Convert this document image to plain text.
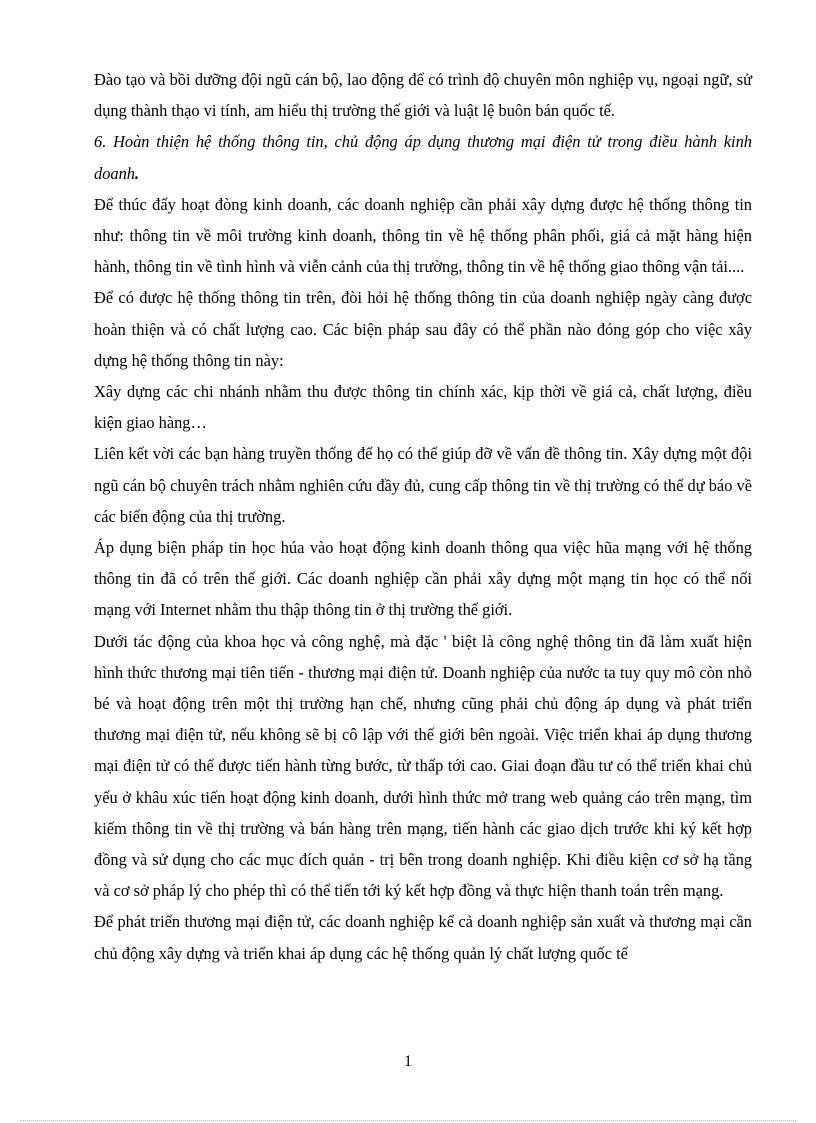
Đào tạo và bồi dưỡng đội ngũ cán bộ, lao động để có trình độ chuyên môn nghiệp vụ, ngoại ngữ, sử dụng thành thạo vi tính, am hiểu thị trường thế giới và luật lệ buôn bán quốc tế.

6. Hoàn thiện hệ thống thông tin, chủ động áp dụng thương mại điện tử trong điều hành kinh doanh.

Để thúc đẩy hoạt đòng kinh doanh, các doanh nghiệp cần phải xây dựng được hệ thống thông tin như: thông tin về môi trường kinh doanh, thông tin về hệ thống phân phối, giá cả mặt hàng hiện hành, thông tin về tình hình và viễn cảnh của thị trường, thông tin về hệ thống giao thông vận tải....

Để có được hệ thống thông tin trên, đòi hỏi hệ thống thông tin của doanh nghiệp ngày càng được hoàn thiện và có chất lượng cao. Các biện pháp sau đây có thể phần nào đóng góp cho việc xây dựng hệ thống thông tin này:

Xây dựng các chi nhánh nhằm thu được thông tin chính xác, kịp thời về giá cả, chất lượng, điều kiện giao hàng…

Liên kết vời các bạn hàng truyền thống để họ có thể giúp đỡ về vấn đề thông tin. Xây dựng một đội ngũ cán bộ chuyên trách nhằm nghiên cứu đầy đủ, cung cấp thông tin về thị trường có thể dự báo về các biến động của thị trường.

Áp dụng biện pháp tin học húa vào hoạt động kinh doanh thông qua việc hũa mạng với hệ thống thông tin đã có trên thế giới. Các doanh nghiệp cần phải xây dựng một mạng tin học có thể nối mạng với Internet nhằm thu thập thông tin ở thị trường thế giới.

Dưới tác động của khoa học và công nghệ, mà đặc ' biệt là công nghệ thông tin đã làm xuất hiện hình thức thương mại tiên tiến - thương mại điện tử. Doanh nghiệp của nước ta tuy quy mô còn nhỏ bé và hoạt động trên một thị trường hạn chế, nhưng cũng phải chủ động áp dụng và phát triển thương mại điện tử, nếu không sẽ bị cô lập với thế giới bên ngoài. Việc triển khai áp dụng thương mại điện tử có thể được tiến hành từng bước, từ thấp tới cao. Giai đoạn đầu tư có thể triển khai chủ yếu ở khâu xúc tiến hoạt động kinh doanh, dưới hình thức mở trang web quảng cáo trên mạng, tìm kiếm thông tin về thị trường và bán hàng trên mạng, tiến hành các giao dịch trước khi ký kết hợp đồng và sử dụng cho các mục đích quản - trị bên trong doanh nghiệp. Khi điều kiện cơ sở hạ tầng và cơ sở pháp lý cho phép thì có thể tiến tới ký kết hợp đồng và thực hiện thanh toán trên mạng.

Để phát triển thương mại điện tử, các doanh nghiệp kể cả doanh nghiệp sản xuất và thương mại cần chủ động xây dựng và triển khai áp dụng các hệ thống quản lý chất lượng quốc tế

1
